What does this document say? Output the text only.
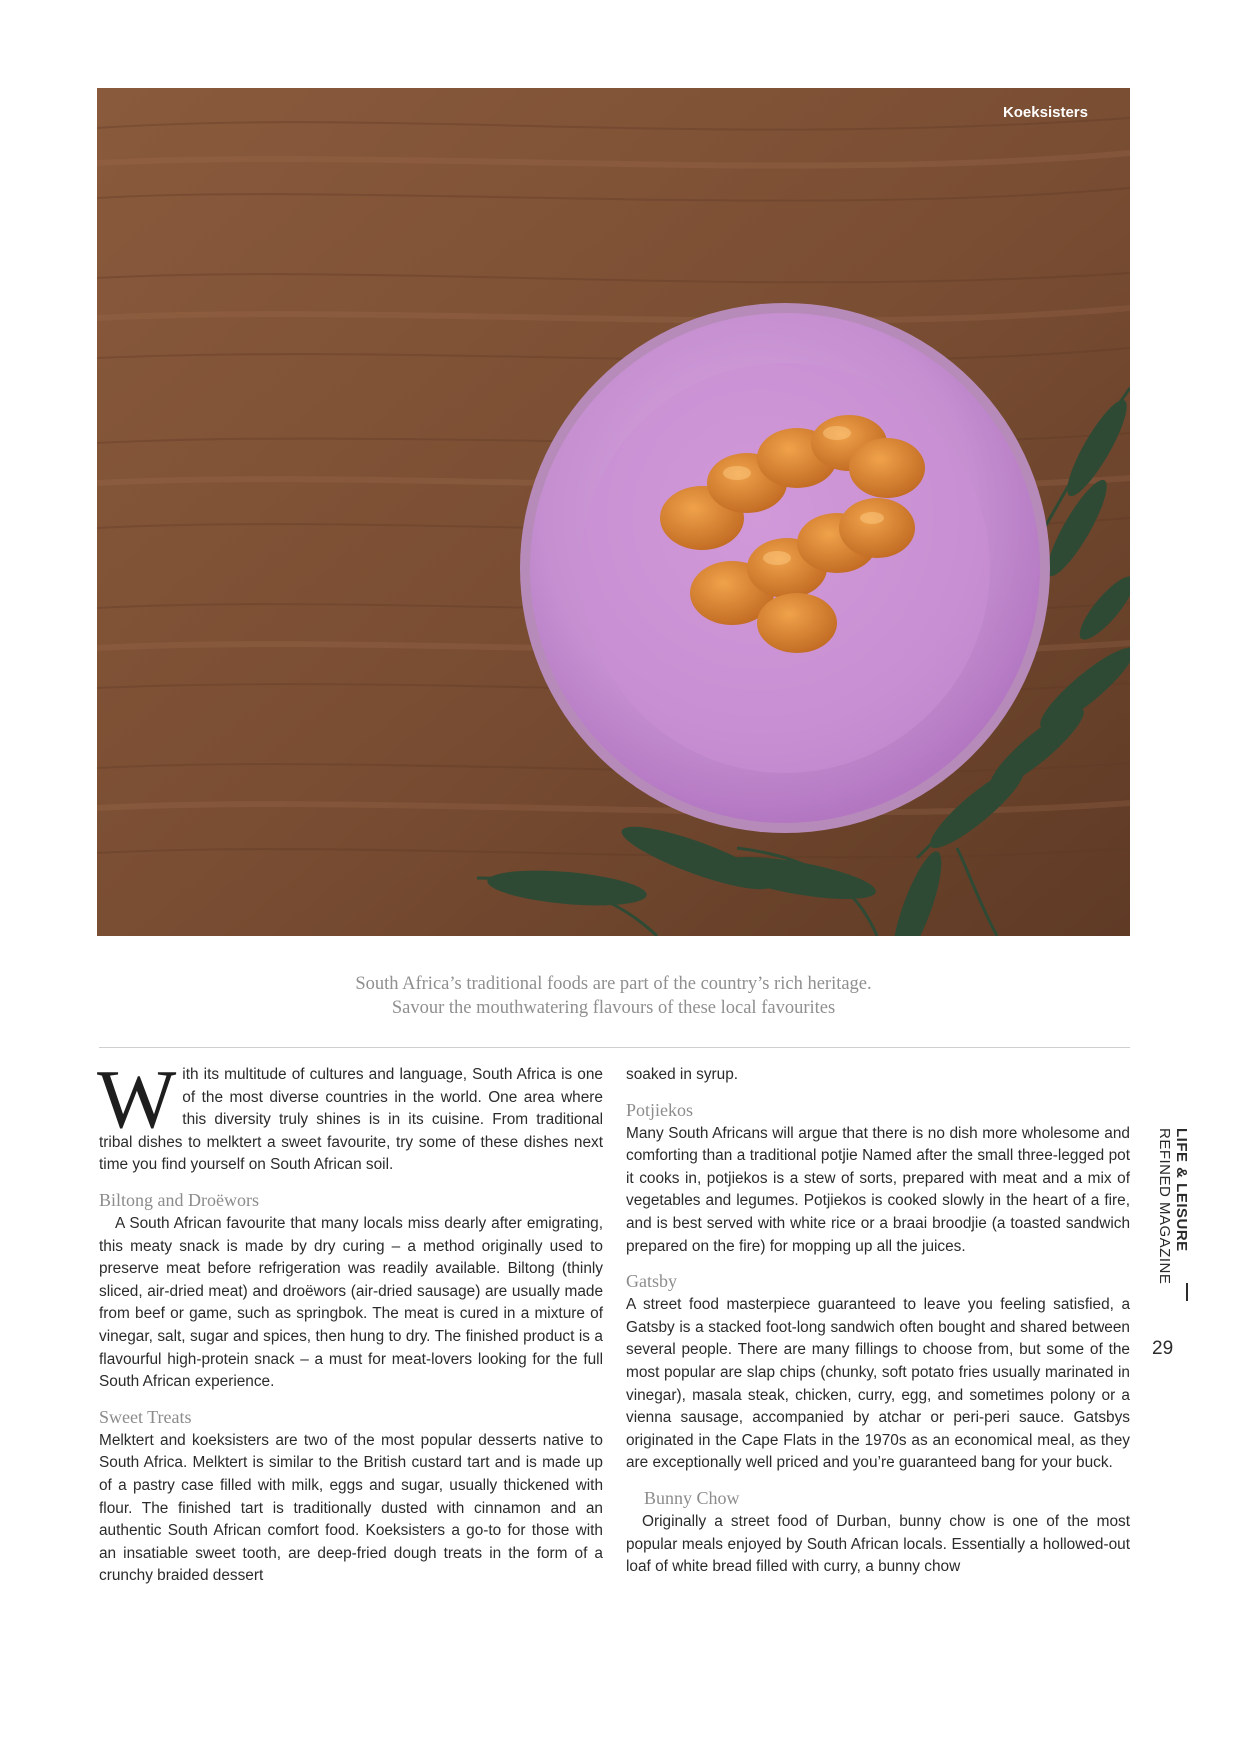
Koeksisters
South Africa’s traditional foods are part of the country’s rich heritage.
Savour the mouthwatering flavours of these local favourites

With its multitude of cultures and language, South Africa is one of the most diverse countries in the world. One area where this diversity truly shines is in its cuisine. From traditional tribal dishes to melktert a sweet favourite, try some of these dishes next time you find yourself on South African soil.

Biltong and Droëwors

A South African favourite that many locals miss dearly after emigrating, this meaty snack is made by dry curing – a method originally used to preserve meat before refrigeration was readily available. Biltong (thinly sliced, air-dried meat) and droëwors (air-dried sausage) are usually made from beef or game, such as springbok. The meat is cured in a mixture of vinegar, salt, sugar and spices, then hung to dry. The finished product is a flavourful high-protein snack – a must for meat-lovers looking for the full South African experience.

Sweet Treats

Melktert and koeksisters are two of the most popular desserts native to South Africa. Melktert is similar to the British custard tart and is made up of a pastry case filled with milk, eggs and sugar, usually thickened with flour. The finished tart is traditionally dusted with cinnamon and an authentic South African comfort food. Koeksisters a go-to for those with an insatiable sweet tooth, are deep-fried dough treats in the form of a crunchy braided dessert

soaked in syrup.

Potjiekos

Many South Africans will argue that there is no dish more wholesome and comforting than a traditional potjie Named after the small three-legged pot it cooks in, potjiekos is a stew of sorts, prepared with meat and a mix of vegetables and legumes. Potjiekos is cooked slowly in the heart of a fire, and is best served with white rice or a braai broodjie (a toasted sandwich prepared on the fire) for mopping up all the juices.

Gatsby

A street food masterpiece guaranteed to leave you feeling satisfied, a Gatsby is a stacked foot-long sandwich often bought and shared between several people. There are many fillings to choose from, but some of the most popular are slap chips (chunky, soft potato fries usually marinated in vinegar), masala steak, chicken, curry, egg, and sometimes polony or a vienna sausage, accompanied by atchar or peri-peri sauce. Gatsbys originated in the Cape Flats in the 1970s as an economical meal, as they are exceptionally well priced and you’re guaranteed bang for your buck.

Bunny Chow

Originally a street food of Durban, bunny chow is one of the most popular meals enjoyed by South African locals. Essentially a hollowed-out loaf of white bread filled with curry, a bunny chow

LIFE & LEISURE
REFINED MAGAZINE
29
